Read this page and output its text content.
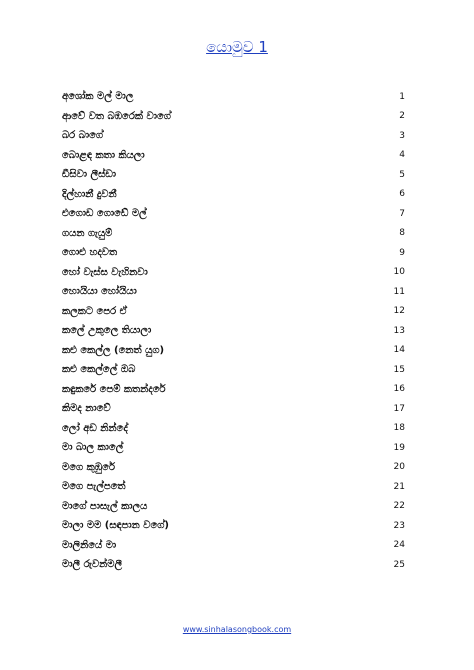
යොමුව 1
අශෝක මල් මාල	1
ආවේ වත බඹරෙක් වාගේ	2
බර බාගේ	3
බොළඳ කතා කියලා	4
ඩීසිවා ලීස්ඩා	5
දිල්හානී දුවනී	6
එගොඩ ගොඩේ මල්	7
ගයන ගැයුම්	8
ගොළු හදවත	9
හෝ වැස්ස වැහිනවා	10
හොයියා හෝයියා	11
කලකට පෙර ඒ	12
කලේ උකුලෙ තියාලා	13
කළු කෙල්ල (නෙත් යුග)	14
කළු කෙල්ලේ ඔබ	15
කඳුකරේ පෙම් කතන්දරේ	16
කිමද නාවේ	17
ලෝ අඩ නින්දේ	18
මා බාල කාලේ	19
මගෙ කුඹුරේ	20
මගෙ පැල්පතේ	21
මාගේ පාසැල් කාලය	22
මාලා මම (සඳපාන වගේ)	23
මාලිනියේ මා	24
මාලී රුවන්මලී	25
www.sinhalasongbook.com
